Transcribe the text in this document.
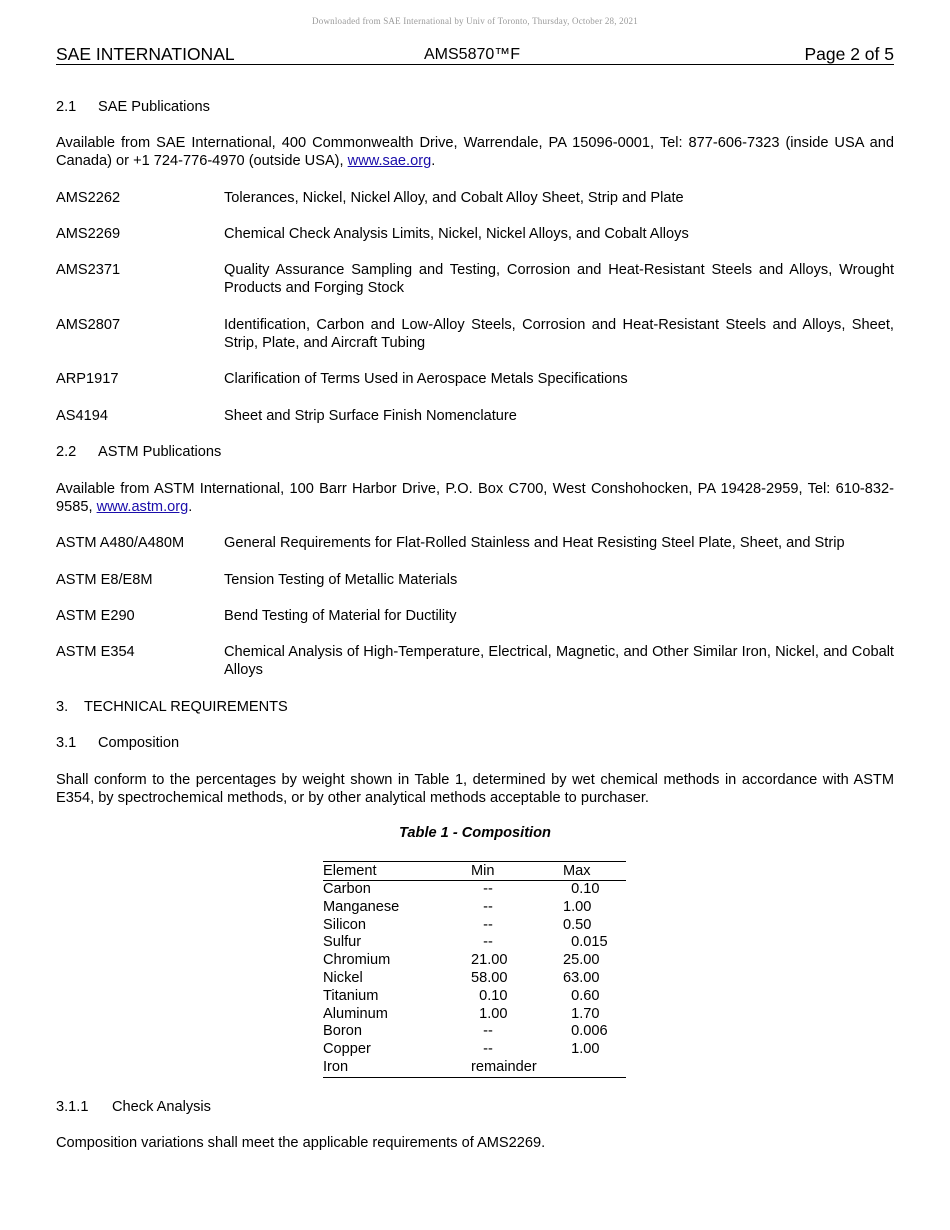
Downloaded from SAE International by Univ of Toronto, Thursday, October 28, 2021
SAE INTERNATIONAL	AMS5870™F	Page 2 of 5
2.1 SAE Publications
Available from SAE International, 400 Commonwealth Drive, Warrendale, PA 15096-0001, Tel: 877-606-7323 (inside USA and Canada) or +1 724-776-4970 (outside USA), www.sae.org.
AMS2262	Tolerances, Nickel, Nickel Alloy, and Cobalt Alloy Sheet, Strip and Plate
AMS2269	Chemical Check Analysis Limits, Nickel, Nickel Alloys, and Cobalt Alloys
AMS2371	Quality Assurance Sampling and Testing, Corrosion and Heat-Resistant Steels and Alloys, Wrought Products and Forging Stock
AMS2807	Identification, Carbon and Low-Alloy Steels, Corrosion and Heat-Resistant Steels and Alloys, Sheet, Strip, Plate, and Aircraft Tubing
ARP1917	Clarification of Terms Used in Aerospace Metals Specifications
AS4194	Sheet and Strip Surface Finish Nomenclature
2.2 ASTM Publications
Available from ASTM International, 100 Barr Harbor Drive, P.O. Box C700, West Conshohocken, PA 19428-2959, Tel: 610-832-9585, www.astm.org.
ASTM A480/A480M	General Requirements for Flat-Rolled Stainless and Heat Resisting Steel Plate, Sheet, and Strip
ASTM E8/E8M	Tension Testing of Metallic Materials
ASTM E290	Bend Testing of Material for Ductility
ASTM E354	Chemical Analysis of High-Temperature, Electrical, Magnetic, and Other Similar Iron, Nickel, and Cobalt Alloys
3. TECHNICAL REQUIREMENTS
3.1 Composition
Shall conform to the percentages by weight shown in Table 1, determined by wet chemical methods in accordance with ASTM E354, by spectrochemical methods, or by other analytical methods acceptable to purchaser.
Table 1 - Composition
Element	Min	Max
Carbon	--	0.10
Manganese	--	1.00
Silicon	--	0.50
Sulfur	--	0.015
Chromium	21.00	25.00
Nickel	58.00	63.00
Titanium	0.10	0.60
Aluminum	1.00	1.70
Boron	--	0.006
Copper	--	1.00
Iron	remainder	
3.1.1 Check Analysis
Composition variations shall meet the applicable requirements of AMS2269.
